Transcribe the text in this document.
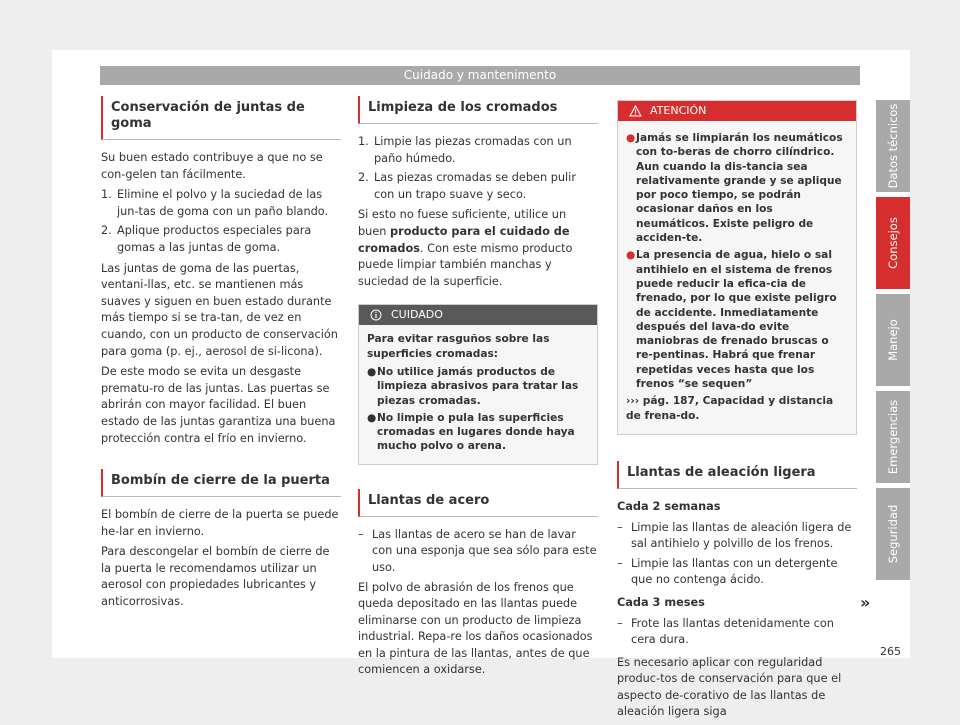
Cuidado y mantenimento
Conservación de juntas de goma

Su buen estado contribuye a que no se con-gelen tan fácilmente.

1. Elimine el polvo y la suciedad de las jun-tas de goma con un paño blando.
2. Aplique productos especiales para gomas a las juntas de goma.

Las juntas de goma de las puertas, ventani-llas, etc. se mantienen más suaves y siguen en buen estado durante más tiempo si se tra-tan, de vez en cuando, con un producto de conservación para goma (p. ej., aerosol de si-licona).

De este modo se evita un desgaste prematu-ro de las juntas. Las puertas se abrirán con mayor facilidad. El buen estado de las juntas garantiza una buena protección contra el frío en invierno.

Bombín de cierre de la puerta

El bombín de cierre de la puerta se puede he-lar en invierno.

Para descongelar el bombín de cierre de la puerta le recomendamos utilizar un aerosol con propiedades lubricantes y anticorrosivas.

Limpieza de los cromados
1. Limpie las piezas cromadas con un paño húmedo.
2. Las piezas cromadas se deben pulir con un trapo suave y seco.

Si esto no fuese suficiente, utilice un buen producto para el cuidado de cromados. Con este mismo producto puede limpiar también manchas y suciedad de la superficie.

CUIDADO

Para evitar rasguños sobre las superficies cromadas:

● No utilice jamás productos de limpieza abrasivos para tratar las piezas cromadas.
● No limpie o pula las superficies cromadas en lugares donde haya mucho polvo o arena.
Llantas de acero
– Las llantas de acero se han de lavar con una esponja que sea sólo para este uso.

El polvo de abrasión de los frenos que queda depositado en las llantas puede eliminarse con un producto de limpieza industrial. Repa-re los daños ocasionados en la pintura de las llantas, antes de que comiencen a oxidarse.

ATENCIÓN
● Jamás se limpiarán los neumáticos con to-beras de chorro cilíndrico. Aun cuando la dis-tancia sea relativamente grande y se aplique por poco tiempo, se podrán ocasionar daños en los neumáticos. Existe peligro de acciden-te.
● La presencia de agua, hielo o sal antihielo en el sistema de frenos puede reducir la efica-cia de frenado, por lo que existe peligro de accidente. Inmediatamente después del lava-do evite maniobras de frenado bruscas o re-pentinas. Habrá que frenar repetidas veces hasta que los frenos “se sequen”

››› pág. 187, Capacidad y distancia de frena-do.

Llantas de aleación ligera

Cada 2 semanas

– Limpie las llantas de aleación ligera de sal antihielo y polvillo de los frenos.
– Limpie las llantas con un detergente que no contenga ácido.

Cada 3 meses

– Frote las llantas detenidamente con cera dura.

Es necesario aplicar con regularidad produc-tos de conservación para que el aspecto de-corativo de las llantas de aleación ligera siga

»
Datos técnicos
Consejos
Manejo
Emergencias
Seguridad
265
